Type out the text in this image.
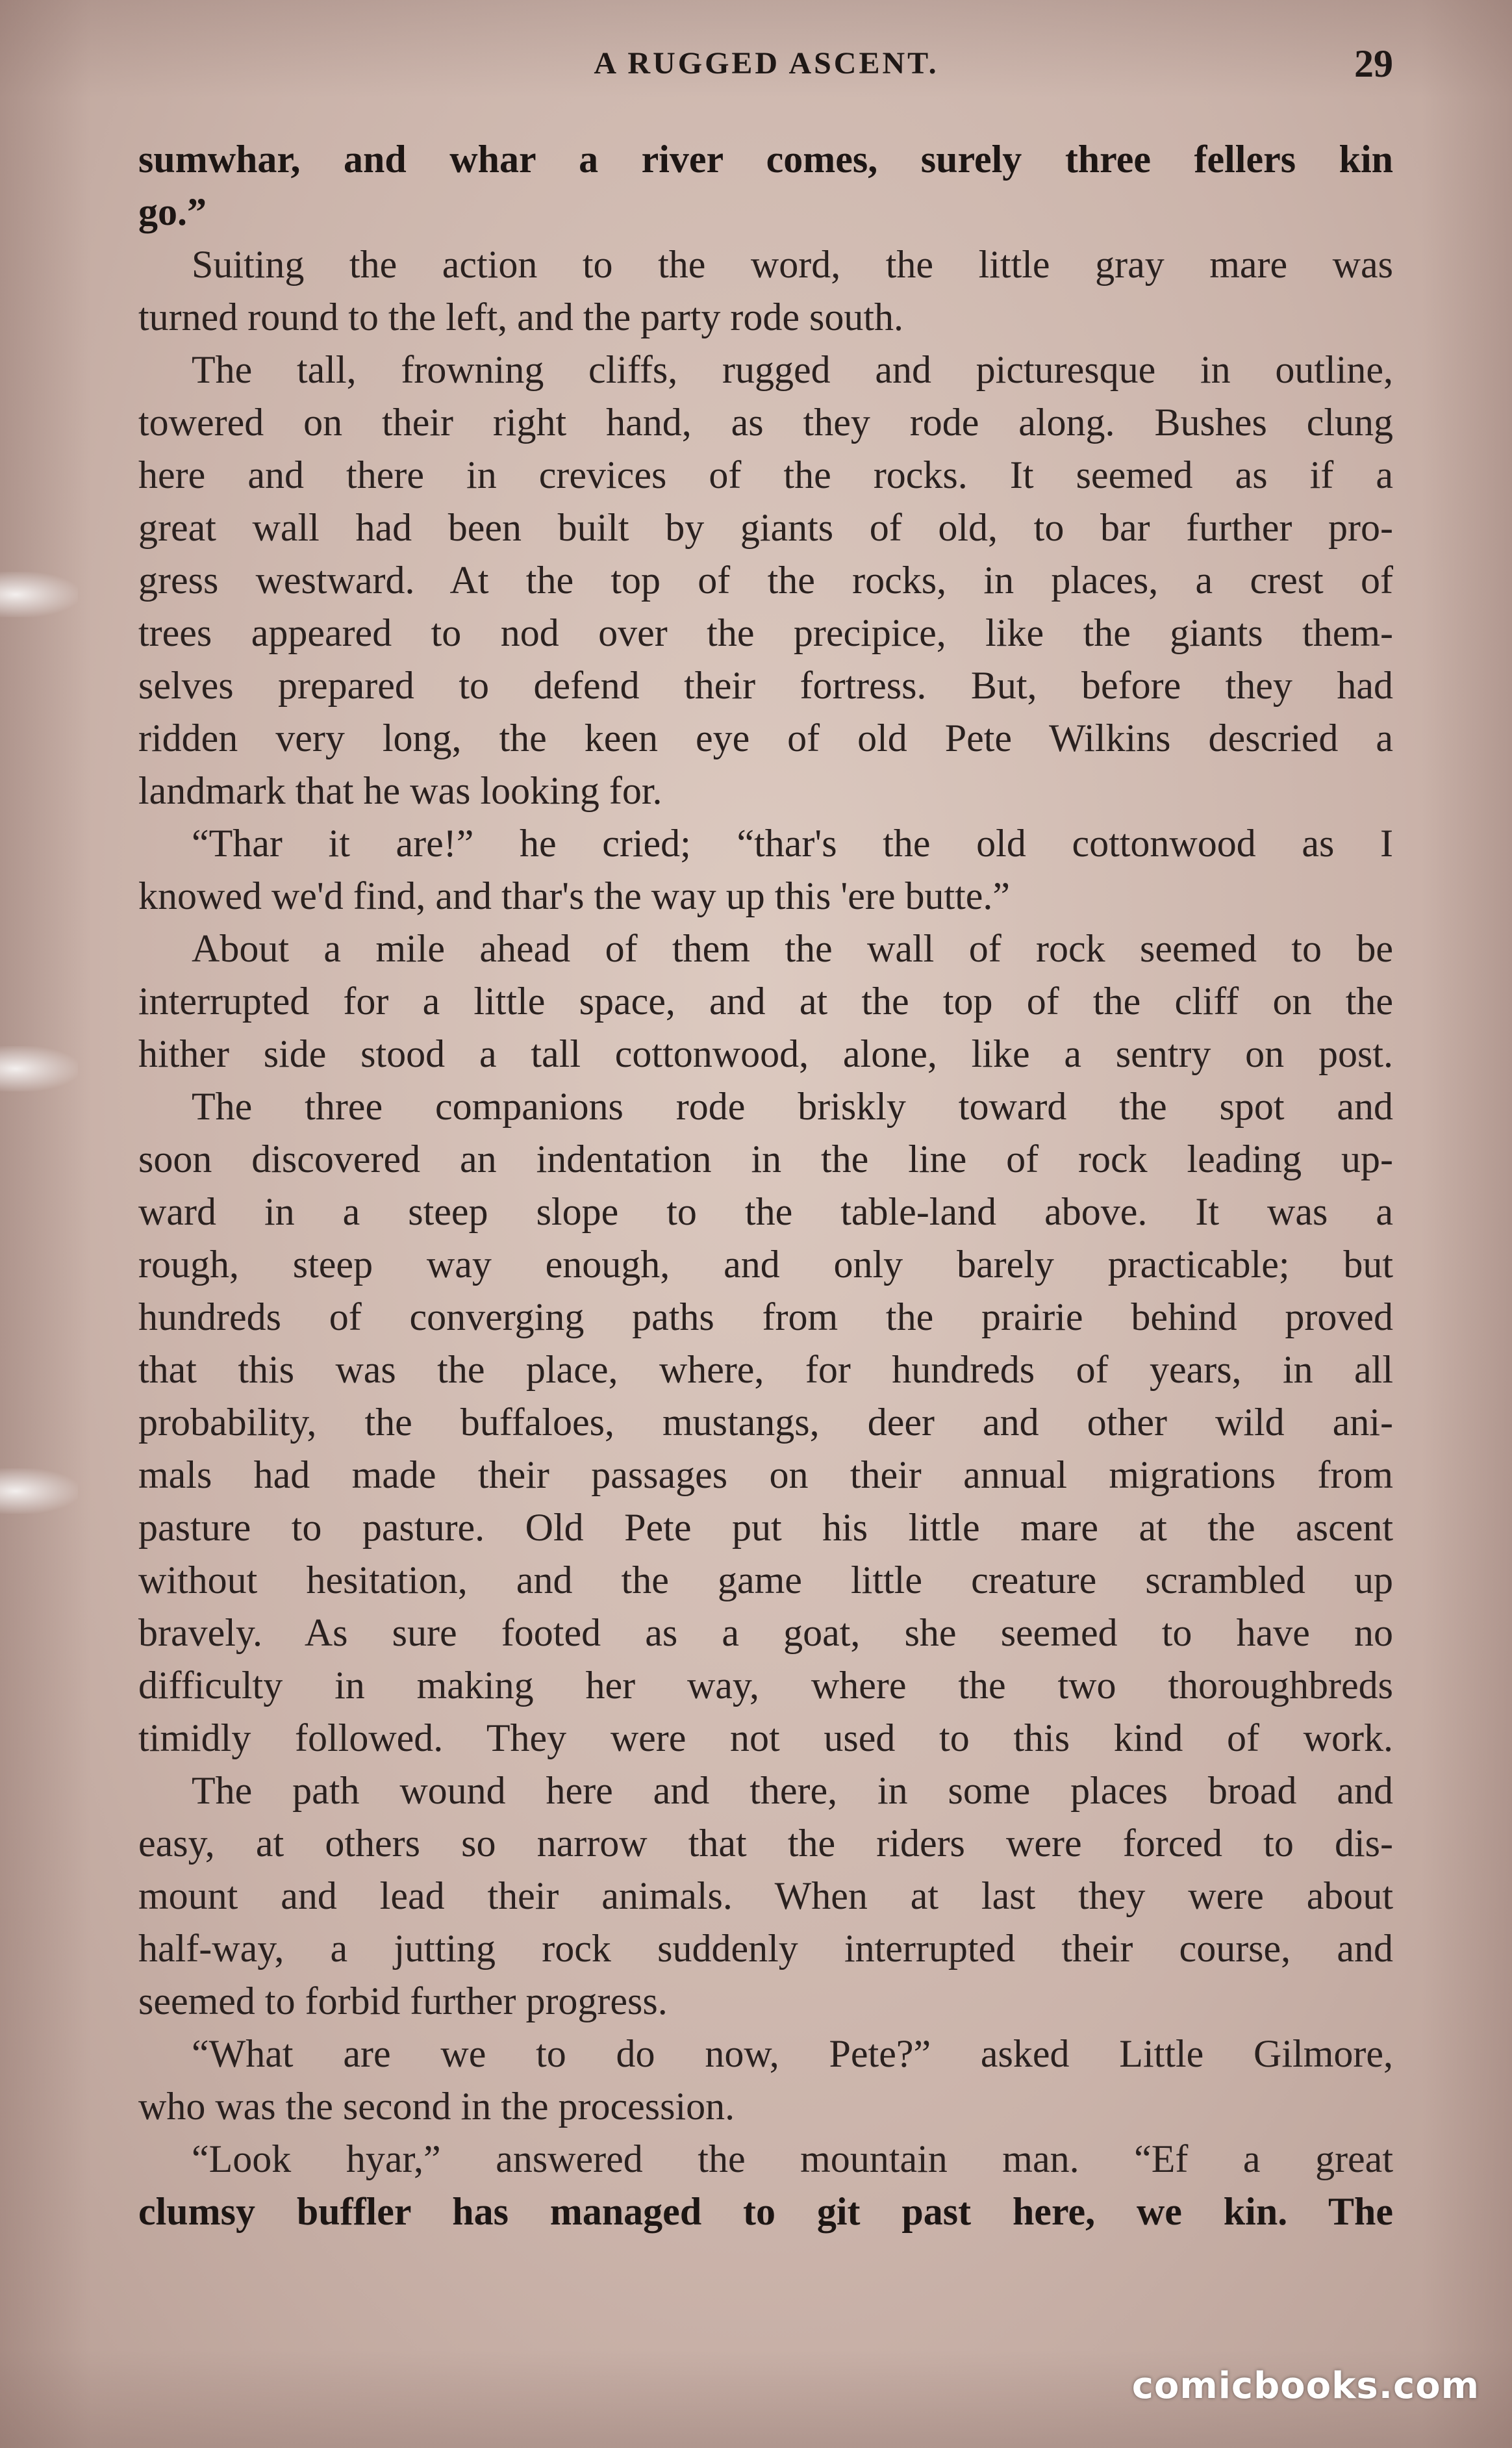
A RUGGED ASCENT.	29
sumwhar, and whar a river comes, surely three fellers kin
go.”
Suiting the action to the word, the little gray mare was
turned round to the left, and the party rode south.
The tall, frowning cliffs, rugged and picturesque in outline,
towered on their right hand, as they rode along. Bushes clung
here and there in crevices of the rocks. It seemed as if a
great wall had been built by giants of old, to bar further pro-
gress westward. At the top of the rocks, in places, a crest of
trees appeared to nod over the precipice, like the giants them-
selves prepared to defend their fortress. But, before they had
ridden very long, the keen eye of old Pete Wilkins descried a
landmark that he was looking for.
“Thar it are!” he cried; “thar's the old cottonwood as I
knowed we'd find, and thar's the way up this 'ere butte.”
About a mile ahead of them the wall of rock seemed to be
interrupted for a little space, and at the top of the cliff on the
hither side stood a tall cottonwood, alone, like a sentry on post.
The three companions rode briskly toward the spot and
soon discovered an indentation in the line of rock leading up-
ward in a steep slope to the table-land above. It was a
rough, steep way enough, and only barely practicable; but
hundreds of converging paths from the prairie behind proved
that this was the place, where, for hundreds of years, in all
probability, the buffaloes, mustangs, deer and other wild ani-
mals had made their passages on their annual migrations from
pasture to pasture. Old Pete put his little mare at the ascent
without hesitation, and the game little creature scrambled up
bravely. As sure footed as a goat, she seemed to have no
difficulty in making her way, where the two thoroughbreds
timidly followed. They were not used to this kind of work.
The path wound here and there, in some places broad and
easy, at others so narrow that the riders were forced to dis-
mount and lead their animals. When at last they were about
half-way, a jutting rock suddenly interrupted their course, and
seemed to forbid further progress.
“What are we to do now, Pete?” asked Little Gilmore,
who was the second in the procession.
“Look hyar,” answered the mountain man. “Ef a great
clumsy buffler has managed to git past here, we kin. The
comicbooks.com
